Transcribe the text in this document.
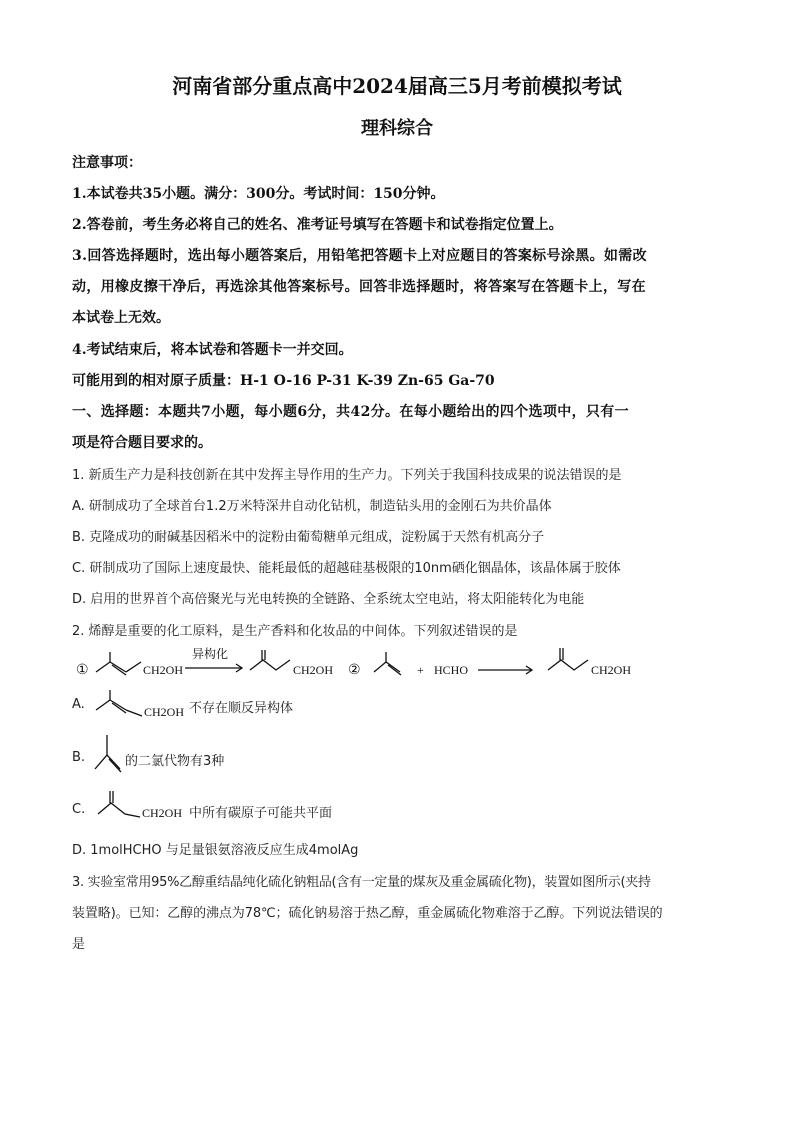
河南省部分重点高中2024届高三5月考前模拟考试
理科综合
注意事项：
1.本试卷共35小题。满分：300分。考试时间：150分钟。
2.答卷前，考生务必将自己的姓名、准考证号填写在答题卡和试卷指定位置上。
3.回答选择题时，选出每小题答案后，用铅笔把答题卡上对应题目的答案标号涂黑。如需改
动，用橡皮擦干净后，再选涂其他答案标号。回答非选择题时，将答案写在答题卡上，写在
本试卷上无效。
4.考试结束后，将本试卷和答题卡一并交回。
可能用到的相对原子质量：H-1 O-16 P-31 K-39 Zn-65 Ga-70
一、选择题：本题共7小题，每小题6分，共42分。在每小题给出的四个选项中，只有一
项是符合题目要求的。
1. 新质生产力是科技创新在其中发挥主导作用的生产力。下列关于我国科技成果的说法错误的是
A. 研制成功了全球首台1.2万米特深井自动化钻机，制造钻头用的金刚石为共价晶体
B. 克隆成功的耐碱基因稻米中的淀粉由葡萄糖单元组成，淀粉属于天然有机高分子
C. 研制成功了国际上速度最快、能耗最低的超越硅基极限的10nm硒化铟晶体，该晶体属于胶体
D. 启用的世界首个高倍聚光与光电转换的全链路、全系统太空电站，将太阳能转化为电能
2. 烯醇是重要的化工原料，是生产香料和化妆品的中间体。下列叙述错误的是
①	CH2OH
异构化
CH2OH ②	+ HCHO	CH2OH
A.	CH2OH 不存在顺反异构体
B.	的二氯代物有3种
C.	CH2OH 中所有碳原子可能共平面
D. 1molHCHO 与足量银氨溶液反应生成4molAg
3. 实验室常用95%乙醇重结晶纯化硫化钠粗品(含有一定量的煤灰及重金属硫化物)，装置如图所示(夹持
装置略)。已知：乙醇的沸点为78℃；硫化钠易溶于热乙醇，重金属硫化物难溶于乙醇。下列说法错误的
是
